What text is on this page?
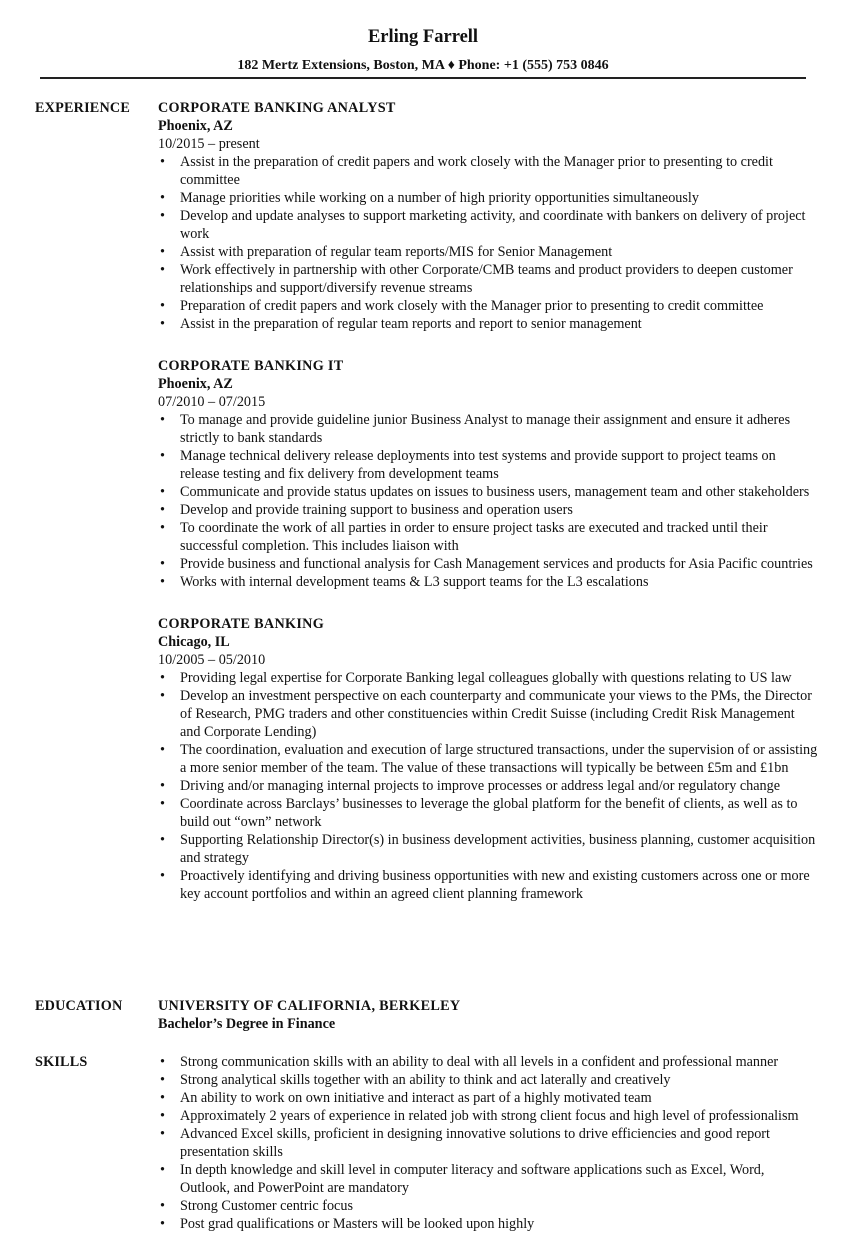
Erling Farrell
182 Mertz Extensions, Boston, MA ♦ Phone: +1 (555) 753 0846
EXPERIENCE CORPORATE BANKING ANALYST
Phoenix, AZ
10/2015 – present
• Assist in the preparation of credit papers and work closely with the Manager prior to presenting to credit committee
• Manage priorities while working on a number of high priority opportunities simultaneously
• Develop and update analyses to support marketing activity, and coordinate with bankers on delivery of project work
• Assist with preparation of regular team reports/MIS for Senior Management
• Work effectively in partnership with other Corporate/CMB teams and product providers to deepen customer relationships and support/diversify revenue streams
• Preparation of credit papers and work closely with the Manager prior to presenting to credit committee
• Assist in the preparation of regular team reports and report to senior management
CORPORATE BANKING IT
Phoenix, AZ
07/2010 – 07/2015
• To manage and provide guideline junior Business Analyst to manage their assignment and ensure it adheres strictly to bank standards
• Manage technical delivery release deployments into test systems and provide support to project teams on release testing and fix delivery from development teams
• Communicate and provide status updates on issues to business users, management team and other stakeholders
• Develop and provide training support to business and operation users
• To coordinate the work of all parties in order to ensure project tasks are executed and tracked until their successful completion. This includes liaison with
• Provide business and functional analysis for Cash Management services and products for Asia Pacific countries
• Works with internal development teams & L3 support teams for the L3 escalations
CORPORATE BANKING
Chicago, IL
10/2005 – 05/2010
• Providing legal expertise for Corporate Banking legal colleagues globally with questions relating to US law
• Develop an investment perspective on each counterparty and communicate your views to the PMs, the Director of Research, PMG traders and other constituencies within Credit Suisse (including Credit Risk Management and Corporate Lending)
• The coordination, evaluation and execution of large structured transactions, under the supervision of or assisting a more senior member of the team. The value of these transactions will typically be between £5m and £1bn
• Driving and/or managing internal projects to improve processes or address legal and/or regulatory change
• Coordinate across Barclays’ businesses to leverage the global platform for the benefit of clients, as well as to build out “own” network
• Supporting Relationship Director(s) in business development activities, business planning, customer acquisition and strategy
• Proactively identifying and driving business opportunities with new and existing customers across one or more key account portfolios and within an agreed client planning framework
EDUCATION	UNIVERSITY OF CALIFORNIA, BERKELEY
Bachelor’s Degree in Finance
SKILLS	• Strong communication skills with an ability to deal with all levels in a confident and professional manner
• Strong analytical skills together with an ability to think and act laterally and creatively
• An ability to work on own initiative and interact as part of a highly motivated team
• Approximately 2 years of experience in related job with strong client focus and high level of professionalism
• Advanced Excel skills, proficient in designing innovative solutions to drive efficiencies and good report presentation skills
• In depth knowledge and skill level in computer literacy and software applications such as Excel, Word, Outlook, and PowerPoint are mandatory
• Strong Customer centric focus
• Post grad qualifications or Masters will be looked upon highly
